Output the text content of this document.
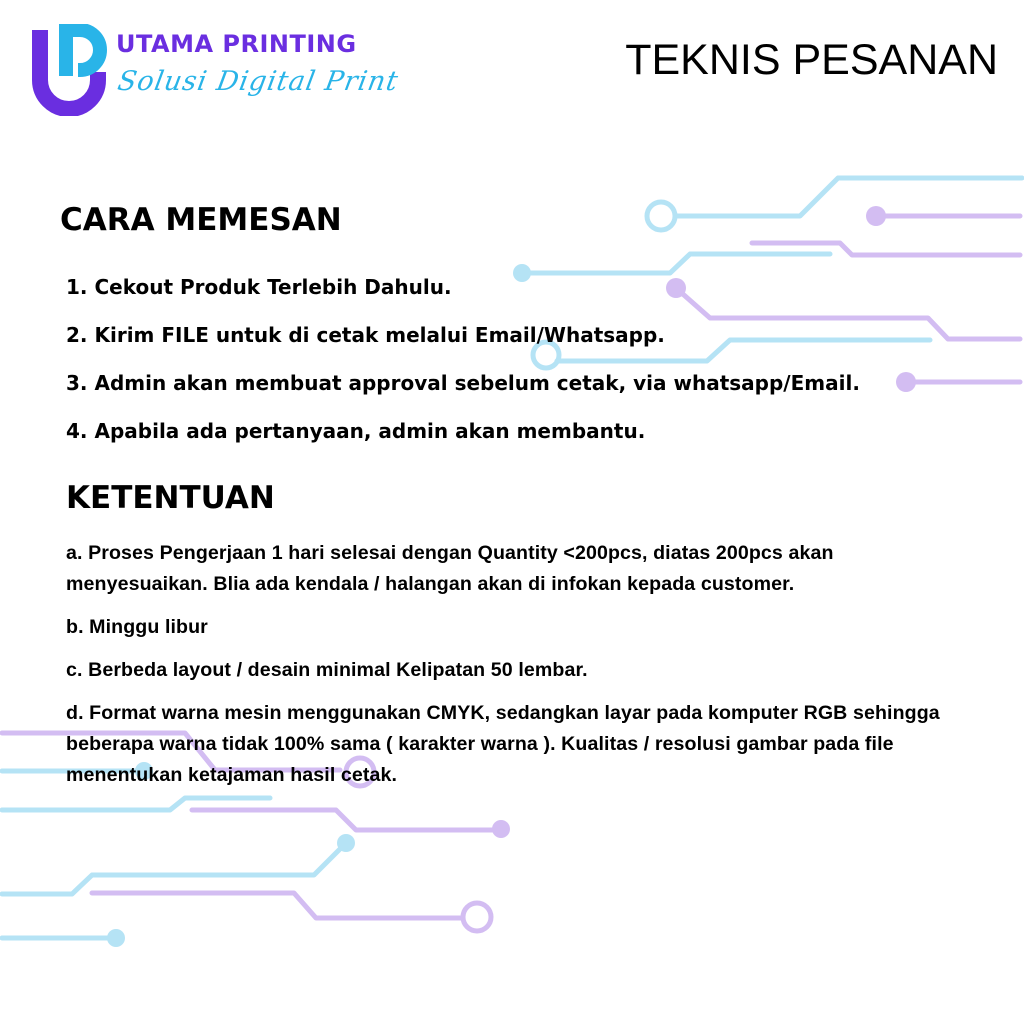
UTAMA PRINTING
Solusi Digital Print	TEKNIS PESANAN
CARA MEMESAN
1. Cekout Produk Terlebih Dahulu.
2. Kirim FILE untuk di cetak melalui Email/Whatsapp.
3. Admin akan membuat approval sebelum cetak, via whatsapp/Email.
4. Apabila ada pertanyaan, admin akan membantu.
KETENTUAN
a. Proses Pengerjaan 1 hari selesai dengan Quantity <200pcs, diatas 200pcs akan menyesuaikan. Blia ada kendala / halangan akan di infokan kepada customer.
b. Minggu libur
c. Berbeda layout / desain minimal Kelipatan 50 lembar.
d. Format warna mesin menggunakan CMYK, sedangkan layar pada komputer RGB sehingga beberapa warna tidak 100% sama ( karakter warna ). Kualitas / resolusi gambar pada file menentukan ketajaman hasil cetak.
